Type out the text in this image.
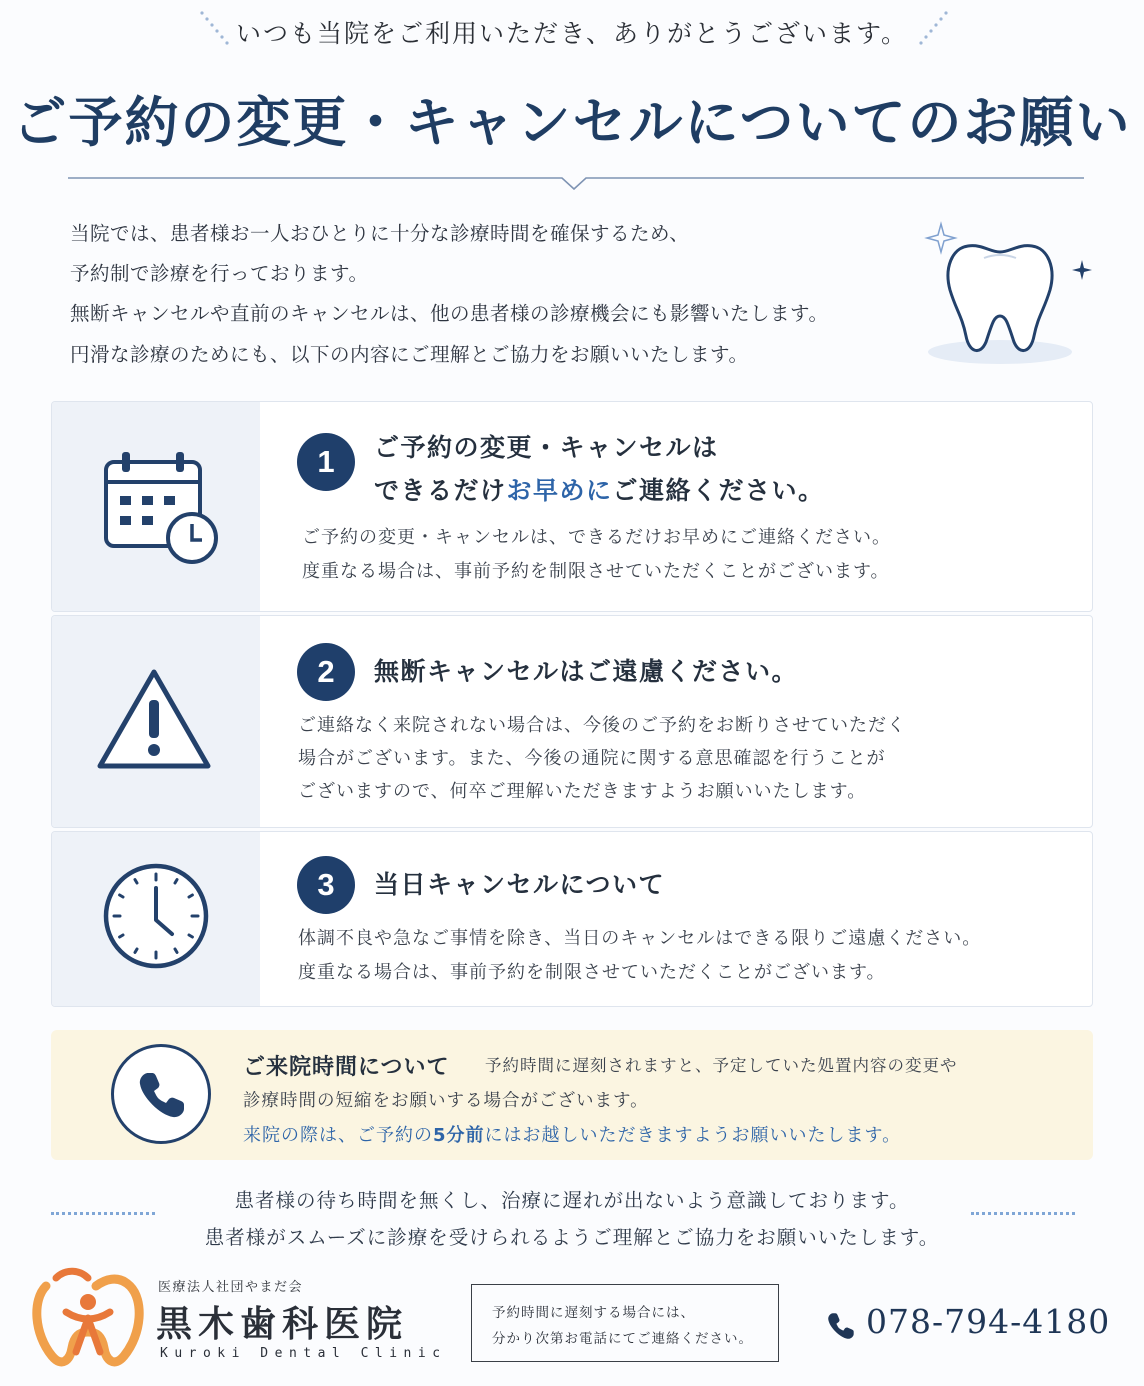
いつも当院をご利用いただき、ありがとうございます。
ご予約の変更・キャンセルについてのお願い
当院では、患者様お一人おひとりに十分な診療時間を確保するため、
予約制で診療を行っております。
無断キャンセルや直前のキャンセルは、他の患者様の診療機会にも影響いたします。
円滑な診療のためにも、以下の内容にご理解とご協力をお願いいたします。
1	ご予約の変更・キャンセルは
できるだけお早めにご連絡ください。
ご予約の変更・キャンセルは、できるだけお早めにご連絡ください。
度重なる場合は、事前予約を制限させていただくことがございます。
2	無断キャンセルはご遠慮ください。
ご連絡なく来院されない場合は、今後のご予約をお断りさせていただく
場合がございます。また、今後の通院に関する意思確認を行うことが
ございますので、何卒ご理解いただきますようお願いいたします。
3	当日キャンセルについて
体調不良や急なご事情を除き、当日のキャンセルはできる限りご遠慮ください。
度重なる場合は、事前予約を制限させていただくことがございます。
ご来院時間について 予約時間に遅刻されますと、予定していた処置内容の変更や
診療時間の短縮をお願いする場合がございます。
来院の際は、ご予約の5分前にはお越しいただきますようお願いいたします。
患者様の待ち時間を無くし、治療に遅れが出ないよう意識しております。
患者様がスムーズに診療を受けられるようご理解とご協力をお願いいたします。
医療法人社団やまだ会
黒木歯科医院
Kuroki Dental Clinic
予約時間に遅刻する場合には、
分かり次第お電話にてご連絡ください。	078-794-4180
